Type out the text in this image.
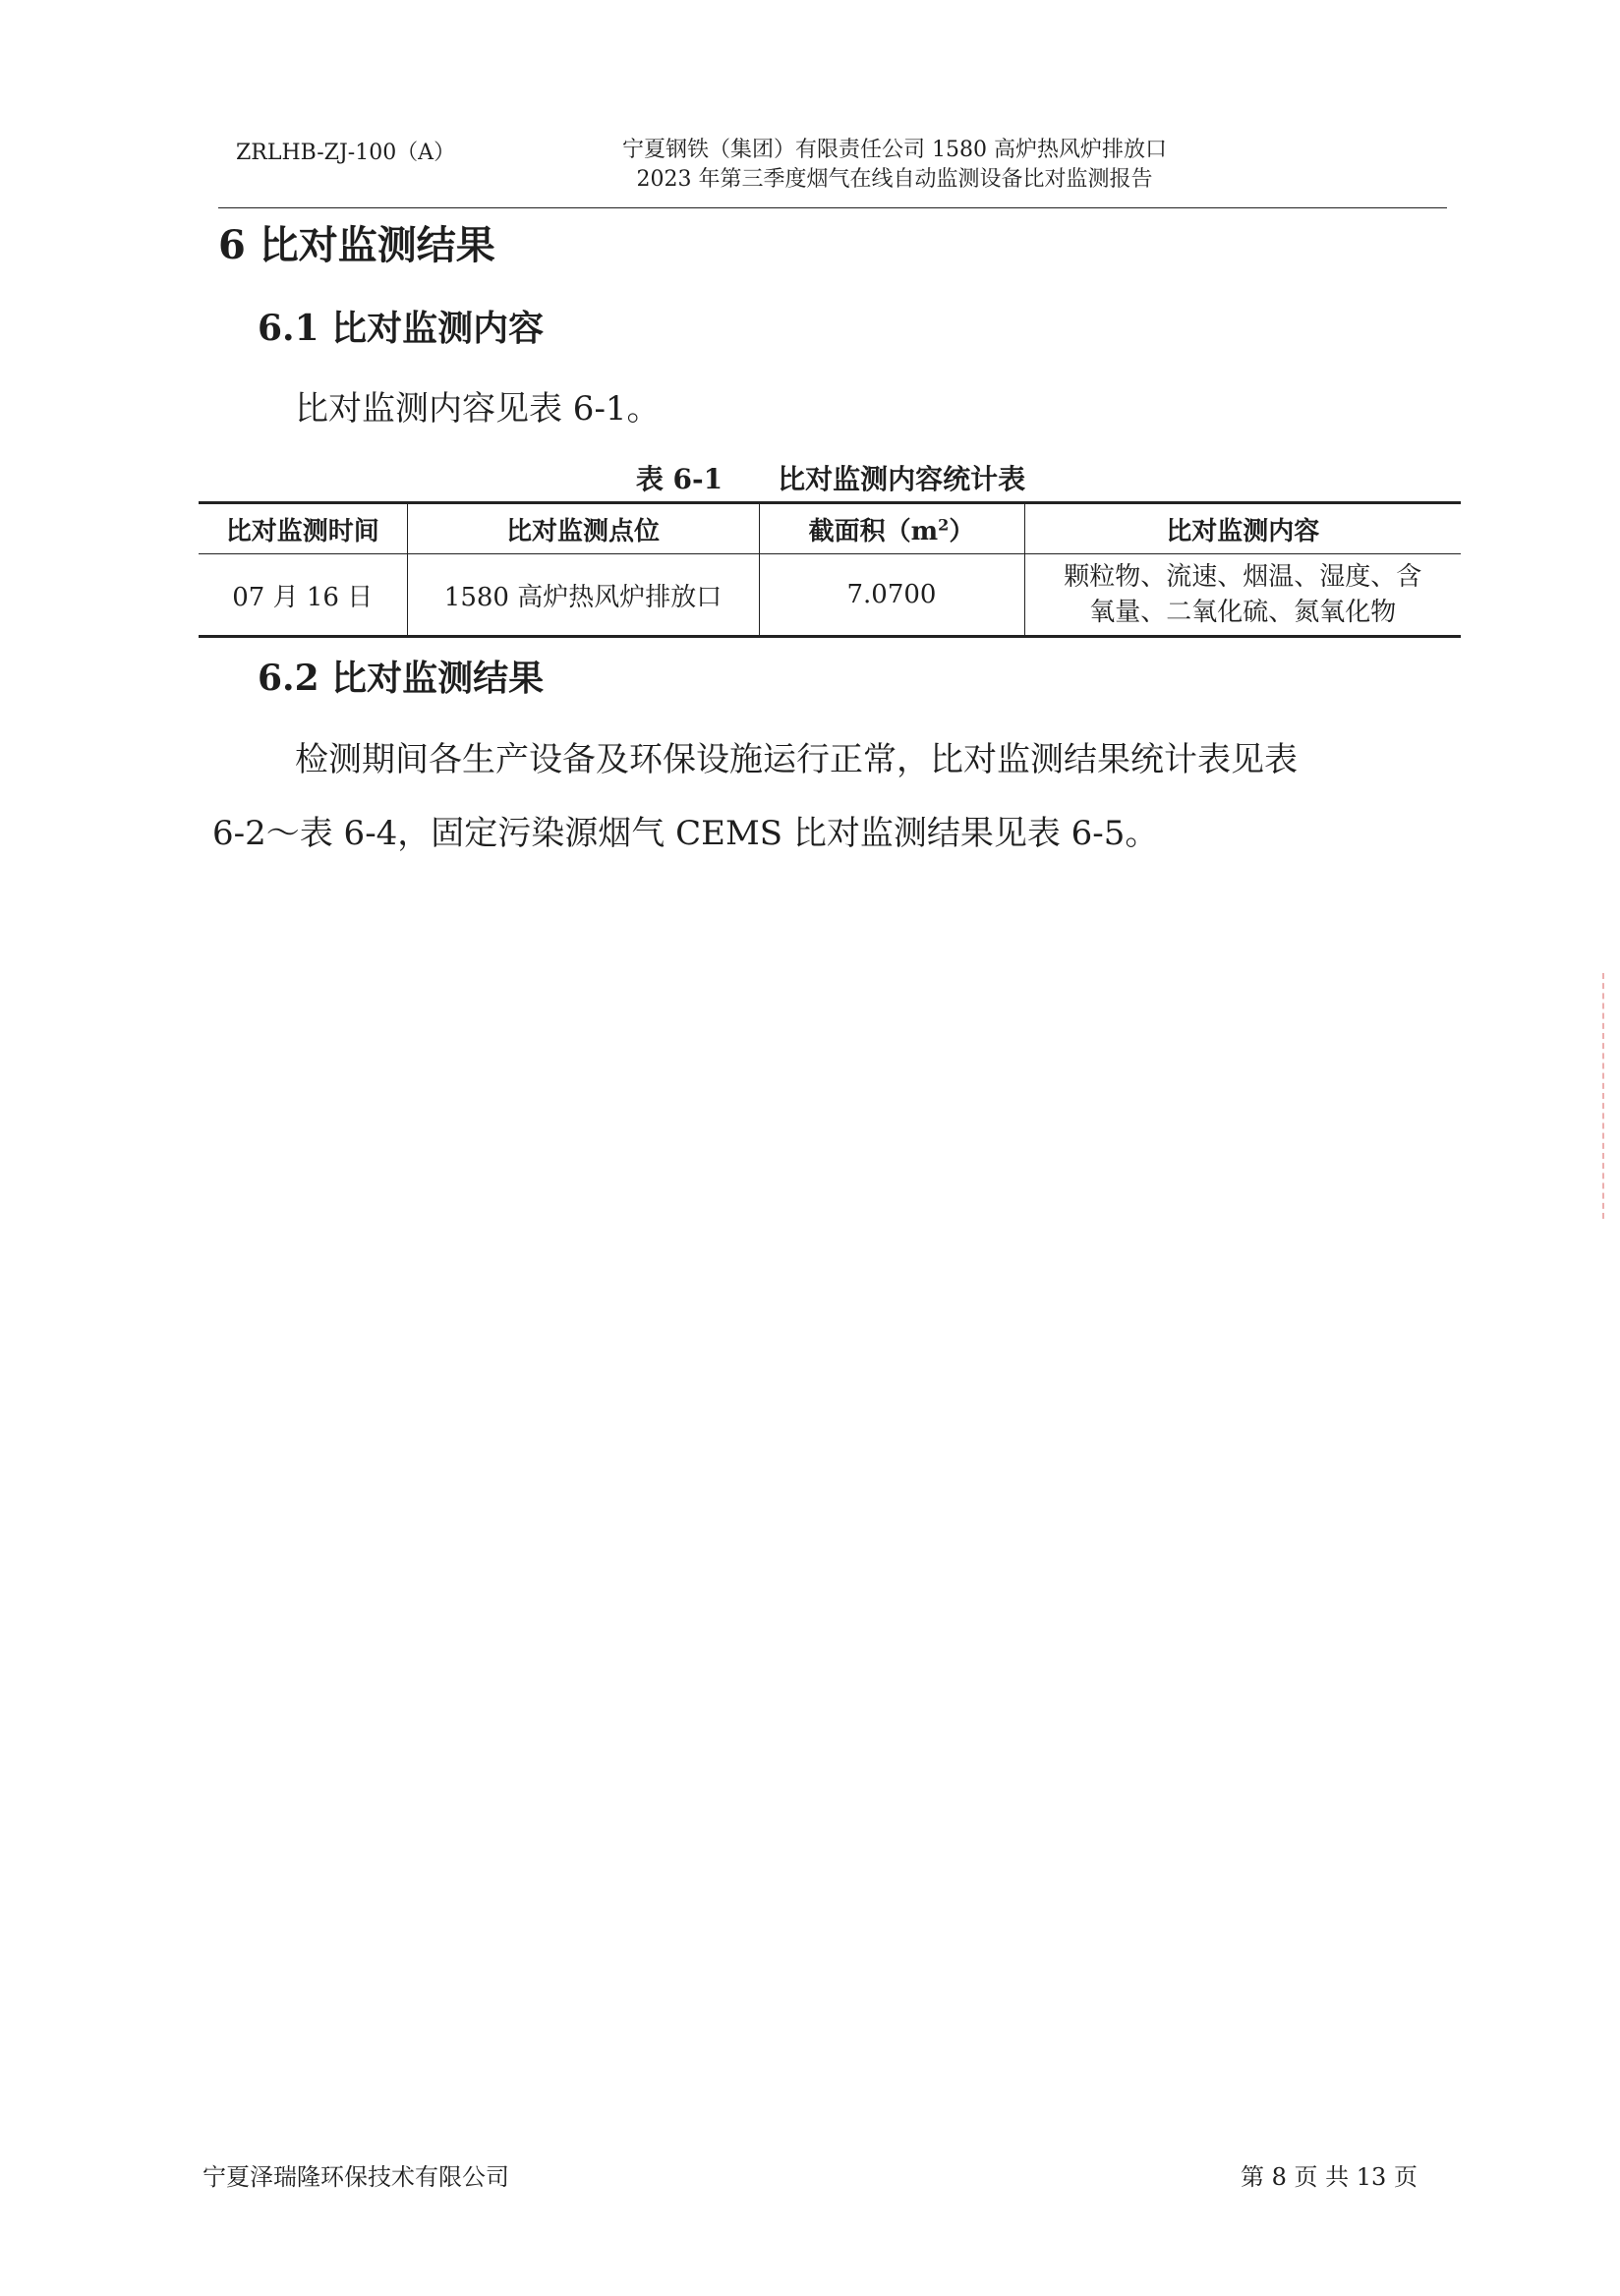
ZRLHB-ZJ-100（A）	宁夏钢铁（集团）有限责任公司 1580 高炉热风炉排放口
2023 年第三季度烟气在线自动监测设备比对监测报告
6 比对监测结果
6.1 比对监测内容
比对监测内容见表 6-1。
表 6-1 比对监测内容统计表
比对监测时间	比对监测点位	截面积$(m^2)$	比对监测内容
07 月 16 日	1580 高炉热风炉排放口	7.0700	颗粒物、流速、烟温、湿度、含
氧量、二氧化硫、氮氧化物
6.2 比对监测结果
检测期间各生产设备及环保设施运行正常，比对监测结果统计表见表
6-2～表 6-4，固定污染源烟气 CEMS 比对监测结果见表 6-5。
宁夏泽瑞隆环保技术有限公司	第 8 页 共 13 页
